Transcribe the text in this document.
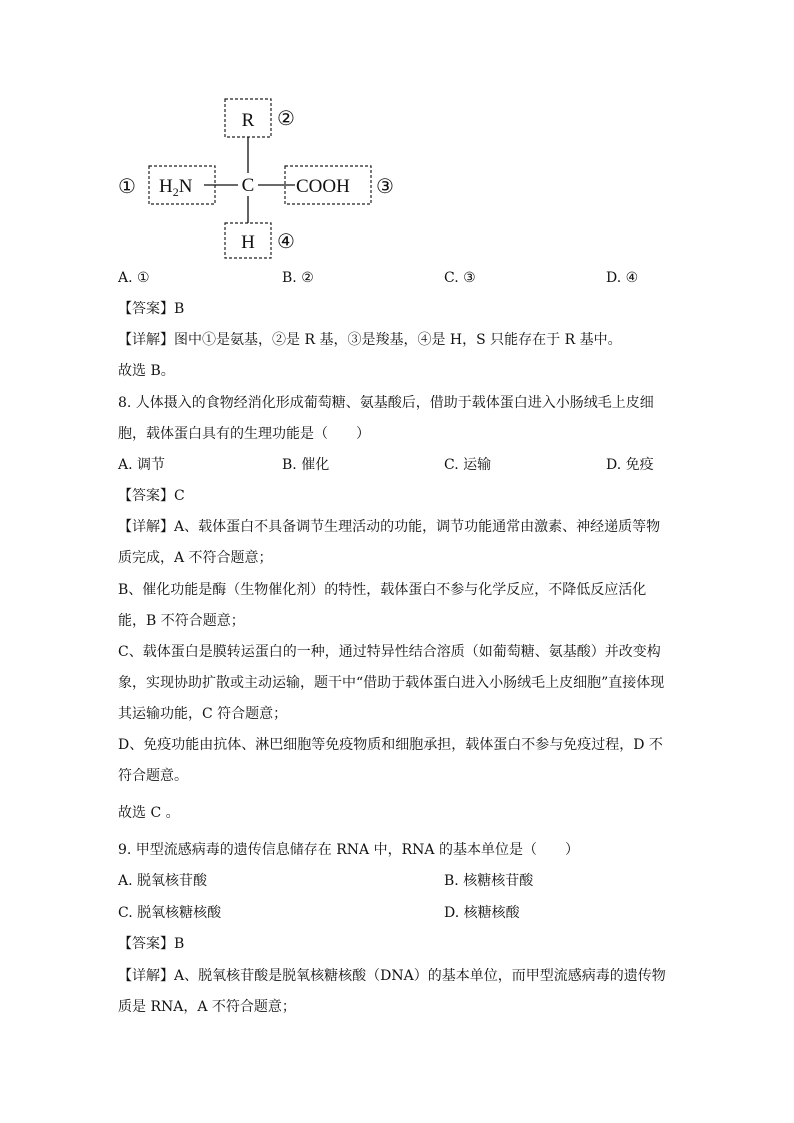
R
$H_2N$	C COOH
H
②
①	③
④
A. ①	B. ②	C. ③	D. ④
【答案】B
【详解】图中①是氨基，②是 R 基，③是羧基，④是 H，S 只能存在于 R 基中。
故选 B。
8. 人体摄入的食物经消化形成葡萄糖、氨基酸后，借助于载体蛋白进入小肠绒毛上皮细
胞，载体蛋白具有的生理功能是（　　）
A. 调节	B. 催化	C. 运输	D. 免疫
【答案】C
【详解】A、载体蛋白不具备调节生理活动的功能，调节功能通常由激素、神经递质等物
质完成，A 不符合题意；
B、催化功能是酶（生物催化剂）的特性，载体蛋白不参与化学反应，不降低反应活化
能，B 不符合题意；
C、载体蛋白是膜转运蛋白的一种，通过特异性结合溶质（如葡萄糖、氨基酸）并改变构
象，实现协助扩散或主动运输，题干中“借助于载体蛋白进入小肠绒毛上皮细胞”直接体现
其运输功能，C 符合题意；
D、免疫功能由抗体、淋巴细胞等免疫物质和细胞承担，载体蛋白不参与免疫过程，D 不
符合题意。
故选 C 。
9. 甲型流感病毒的遗传信息储存在 RNA 中，RNA 的基本单位是（　　）
A. 脱氧核苷酸	B. 核糖核苷酸
C. 脱氧核糖核酸	D. 核糖核酸
【答案】B
【详解】A、脱氧核苷酸是脱氧核糖核酸（DNA）的基本单位，而甲型流感病毒的遗传物
质是 RNA，A 不符合题意；
